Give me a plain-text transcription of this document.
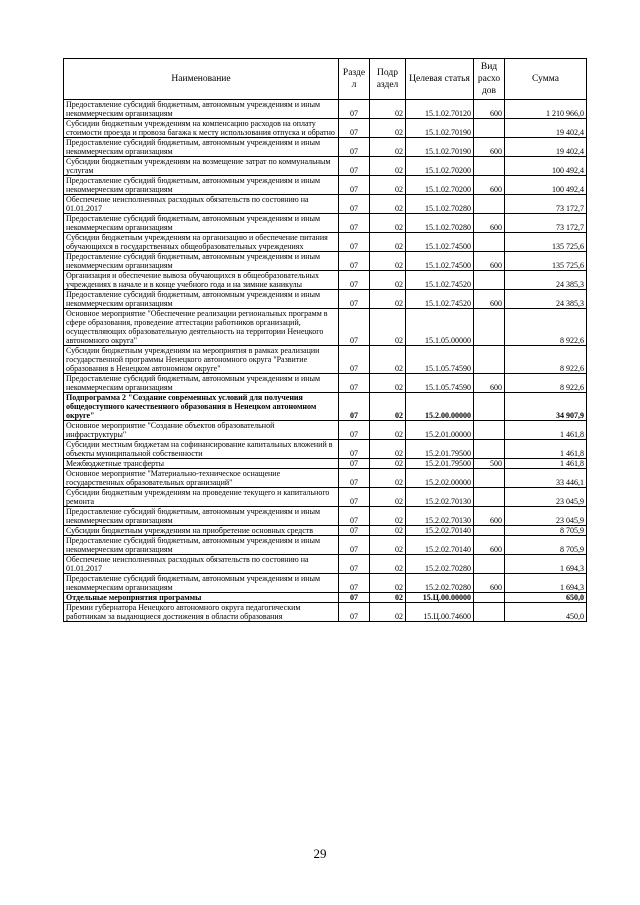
Наименование	Разде л	Подр аздел	Целевая статья	Вид расхо дов	Сумма
Предоставление субсидий бюджетным, автономным учреждениям и иным некоммерческим организациям	07	02	15.1.02.70120	600	1 210 966,0
Субсидии бюджетным учреждениям на компенсацию расходов на оплату стоимости проезда и провоза багажа к месту использования отпуска и обратно	07	02	15.1.02.70190		19 402,4
Предоставление субсидий бюджетным, автономным учреждениям и иным некоммерческим организациям	07	02	15.1.02.70190	600	19 402,4
Субсидии бюджетным учреждениям на возмещение затрат по коммунальным услугам	07	02	15.1.02.70200		100 492,4
Предоставление субсидий бюджетным, автономным учреждениям и иным некоммерческим организациям	07	02	15.1.02.70200	600	100 492,4
Обеспечение неисполненных расходных обязательств по состоянию на 01.01.2017	07	02	15.1.02.70280		73 172,7
Предоставление субсидий бюджетным, автономным учреждениям и иным некоммерческим организациям	07	02	15.1.02.70280	600	73 172,7
Субсидии бюджетным учреждениям на организацию и обеспечение питания обучающихся в государственных общеобразовательных учреждениях	07	02	15.1.02.74500		135 725,6
Предоставление субсидий бюджетным, автономным учреждениям и иным некоммерческим организациям	07	02	15.1.02.74500	600	135 725,6
Организация и обеспечение вывоза обучающихся в общеобразовательных учреждениях в начале и в конце учебного года и на зимние каникулы	07	02	15.1.02.74520		24 385,3
Предоставление субсидий бюджетным, автономным учреждениям и иным некоммерческим организациям	07	02	15.1.02.74520	600	24 385,3
Основное мероприятие "Обеспечение реализации региональных программ в сфере образования, проведение аттестации работников организаций, осуществляющих образовательную деятельность на территории Ненецкого автономного округа"	07	02	15.1.05.00000		8 922,6
Субсидии бюджетным учреждениям на мероприятия в рамках реализации государственной программы Ненецкого автономного округа "Развитие образования в Ненецком автономном округе"	07	02	15.1.05.74590		8 922,6
Предоставление субсидий бюджетным, автономным учреждениям и иным некоммерческим организациям	07	02	15.1.05.74590	600	8 922,6
Подпрограмма 2 "Создание современных условий для получения общедоступного качественного образования в Ненецком автономном округе"	07	02	15.2.00.00000		34 907,9
Основное мероприятие "Создание объектов образовательной инфраструктуры"	07	02	15.2.01.00000		1 461,8
Субсидии местным бюджетам на софинансирование капитальных вложений в объекты муниципальной собственности	07	02	15.2.01.79500		1 461,8
Межбюджетные трансферты	07	02	15.2.01.79500	500	1 461,8
Основное мероприятие "Материально-техническое оснащение государственных образовательных организаций"	07	02	15.2.02.00000		33 446,1
Субсидии бюджетным учреждениям на проведение текущего и капитального ремонта	07	02	15.2.02.70130		23 045,9
Предоставление субсидий бюджетным, автономным учреждениям и иным некоммерческим организациям	07	02	15.2.02.70130	600	23 045,9
Субсидии бюджетным учреждениям на приобретение основных средств	07	02	15.2.02.70140		8 705,9
Предоставление субсидий бюджетным, автономным учреждениям и иным некоммерческим организациям	07	02	15.2.02.70140	600	8 705,9
Обеспечение неисполненных расходных обязательств по состоянию на 01.01.2017	07	02	15.2.02.70280		1 694,3
Предоставление субсидий бюджетным, автономным учреждениям и иным некоммерческим организациям	07	02	15.2.02.70280	600	1 694,3
Отдельные мероприятия программы	07	02	15.Ц.00.00000		650,0
Премии губернатора Ненецкого автономного округа педагогическим работникам за выдающиеся достижения в области образования	07	02	15.Ц.00.74600		450,0
29
